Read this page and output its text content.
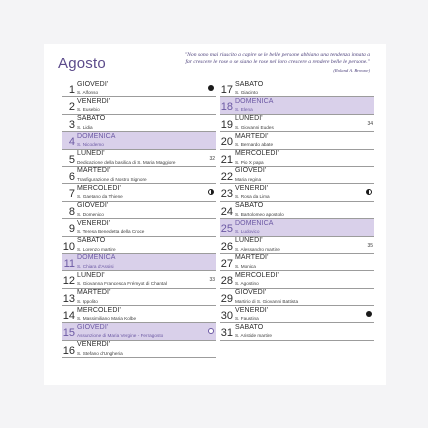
Agosto	"Non sono mai riuscito a capire se le belle persone abbiano una tendenza innata a far crescere le rose o se siano le rose nel loro crescere a rendere belle le persone."
(Roland A. Browne)
1 GIOVEDI'
S. Alfonso
2 VENERDI'
S. Eusebio
3 SABATO
S. Lidia
4 DOMENICA
S. Nicodemo
5 LUNEDI'
Dedicazione della basilica di S. Maria Maggiore
32
6 MARTEDI'
Trasfigurazione di Nostro Signore
7 MERCOLEDI'
S. Gaetano da Thiene
8 GIOVEDI'
S. Domenico
9 VENERDI'
S. Teresa Benedetta della Croce
10 SABATO
S. Lorenzo martire
11 DOMENICA
S. Chiara d'Assisi
12 LUNEDI'
S. Giovanna Francesca Frémyot di Chantal
33
13 MARTEDI'
S. Ippolito
14 MERCOLEDI'
S. Massimiliano Maria Kolbe
15 GIOVEDI'
Assunzione di Maria Vergine - Ferragosto
16 VENERDI'
S. Stefano d'Ungheria
17 SABATO
S. Giacinto
18 DOMENICA
S. Elena
19 LUNEDI'
S. Giovanni Eudes
34
20 MARTEDI'
S. Bernardo abate
21 MERCOLEDI'
S. Pio X papa
22 GIOVEDI'
Maria regina
23 VENERDI'
S. Rosa da Lima
24 SABATO
S. Bartolomeo apostolo
25 DOMENICA
S. Ludovico
26 LUNEDI'
S. Alessandro martire
35
27 MARTEDI'
S. Monica
28 MERCOLEDI'
S. Agostino
29 GIOVEDI'
Martirio di S. Giovanni Battista
30 VENERDI'
S. Faustina
31 SABATO
S. Aristide martire
